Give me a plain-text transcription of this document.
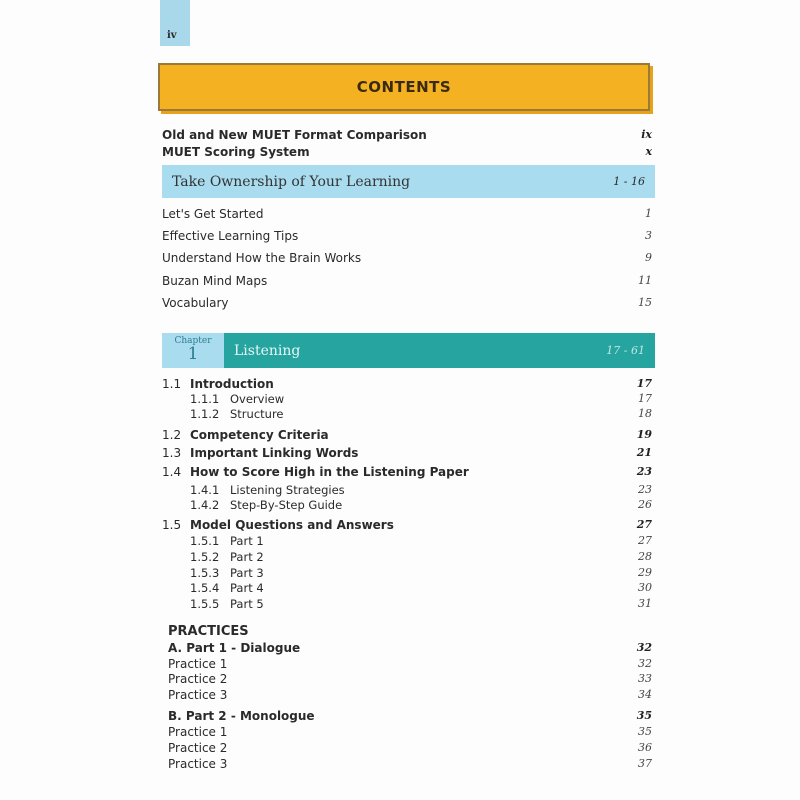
iv
CONTENTS
Old and New MUET Format Comparison	ix
MUET Scoring System	x
Take Ownership of Your Learning	1 - 16
Let's Get Started	1
Effective Learning Tips	3
Understand How the Brain Works	9
Buzan Mind Maps	11
Vocabulary	15
Chapter
1	Listening	17 - 61
1.1 Introduction	17
1.1.1 Overview	17
1.1.2 Structure	18
1.2 Competency Criteria	19
1.3 Important Linking Words	21
1.4 How to Score High in the Listening Paper	23
1.4.1 Listening Strategies	23
1.4.2 Step-By-Step Guide	26
1.5 Model Questions and Answers	27
1.5.1 Part 1	27
1.5.2 Part 2	28
1.5.3 Part 3	29
1.5.4 Part 4	30
1.5.5 Part 5	31
PRACTICES
A. Part 1 - Dialogue	32
Practice 1	32
Practice 2	33
Practice 3	34
B. Part 2 - Monologue	35
Practice 1	35
Practice 2	36
Practice 3	37
